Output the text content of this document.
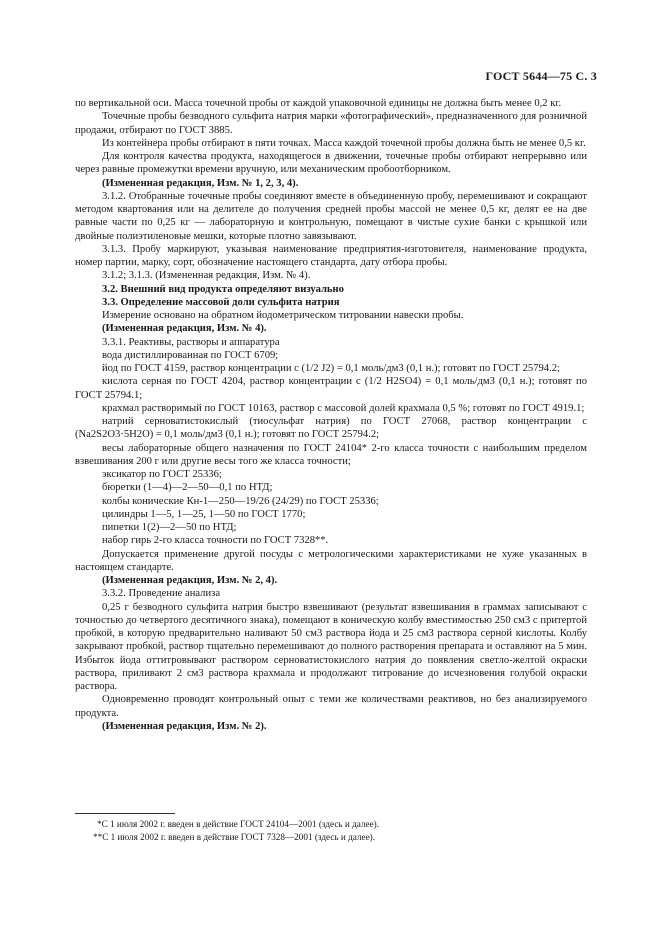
ГОСТ 5644—75 С. 3

по вертикальной оси. Масса точечной пробы от каждой упаковочной единицы не должна быть менее 0,2 кг.

Точечные пробы безводного сульфита натрия марки «фотографический», предназначенного для розничной продажи, отбирают по ГОСТ 3885.

Из контейнера пробы отбирают в пяти точках. Масса каждой точечной пробы должна быть не менее 0,5 кг.

Для контроля качества продукта, находящегося в движении, точечные пробы отбирают непрерывно или через равные промежутки времени вручную, или механическим пробоотборником.

(Измененная редакция, Изм. № 1, 2, 3, 4).

3.1.2. Отобранные точечные пробы соединяют вместе в объединенную пробу, перемешивают и сокращают методом квартования или на делителе до получения средней пробы массой не менее 0,5 кг, делят ее на две равные части по 0,25 кг — лабораторную и контрольную, помещают в чистые сухие банки с крышкой или двойные полиэтиленовые мешки, которые плотно завязывают.

3.1.3. Пробу маркируют, указывая наименование предприятия-изготовителя, наименование продукта, номер партии, марку, сорт, обозначение настоящего стандарта, дату отбора пробы.

3.1.2; 3.1.3. (Измененная редакция, Изм. № 4).

3.2. Внешний вид продукта определяют визуально

3.3. Определение массовой доли сульфита натрия

Измерение основано на обратном йодометрическом титровании навески пробы.

(Измененная редакция, Изм. № 4).

3.3.1. Реактивы, растворы и аппаратура

вода дистиллированная по ГОСТ 6709;

йод по ГОСТ 4159, раствор концентрации c (1/2 J2) = 0,1 моль/дм3 (0,1 н.); готовят по ГОСТ 25794.2;

кислота серная по ГОСТ 4204, раствор концентрации c (1/2 H2SO4) = 0,1 моль/дм3 (0,1 н.); готовят по ГОСТ 25794.1;

крахмал растворимый по ГОСТ 10163, раствор с массовой долей крахмала 0,5 %; готовят по ГОСТ 4919.1;

натрий серноватистокислый (тиосульфат натрия) по ГОСТ 27068, раствор концентрации c (Na2S2O3·5H2O) = 0,1 моль/дм3 (0,1 н.); готовят по ГОСТ 25794.2;

весы лабораторные общего назначения по ГОСТ 24104* 2-го класса точности с наибольшим пределом взвешивания 200 г или другие весы того же класса точности;

эксикатор по ГОСТ 25336;

бюретки (1—4)—2—50—0,1 по НТД;

колбы конические Кн-1—250—19/26 (24/29) по ГОСТ 25336;

цилиндры 1—5, 1—25, 1—50 по ГОСТ 1770;

пипетки 1(2)—2—50 по НТД;

набор гирь 2-го класса точности по ГОСТ 7328**.

Допускается применение другой посуды с метрологическими характеристиками не хуже указанных в настоящем стандарте.

(Измененная редакция, Изм. № 2, 4).

3.3.2. Проведение анализа

0,25 г безводного сульфита натрия быстро взвешивают (результат взвешивания в граммах записывают с точностью до четвертого десятичного знака), помещают в коническую колбу вместимостью 250 см3 с притертой пробкой, в которую предварительно наливают 50 см3 раствора йода и 25 см3 раствора серной кислоты. Колбу закрывают пробкой, раствор тщательно перемешивают до полного растворения препарата и оставляют на 5 мин. Избыток йода оттитровывают раствором серноватистокислого натрия до появления светло-желтой окраски раствора, приливают 2 см3 раствора крахмала и продолжают титрование до исчезновения голубой окраски раствора.

Одновременно проводят контрольный опыт с теми же количествами реактивов, но без анализируемого продукта.

(Измененная редакция, Изм. № 2).

*С 1 июля 2002 г. введен в действие ГОСТ 24104—2001 (здесь и далее).

**С 1 июля 2002 г. введен в действие ГОСТ 7328—2001 (здесь и далее).
